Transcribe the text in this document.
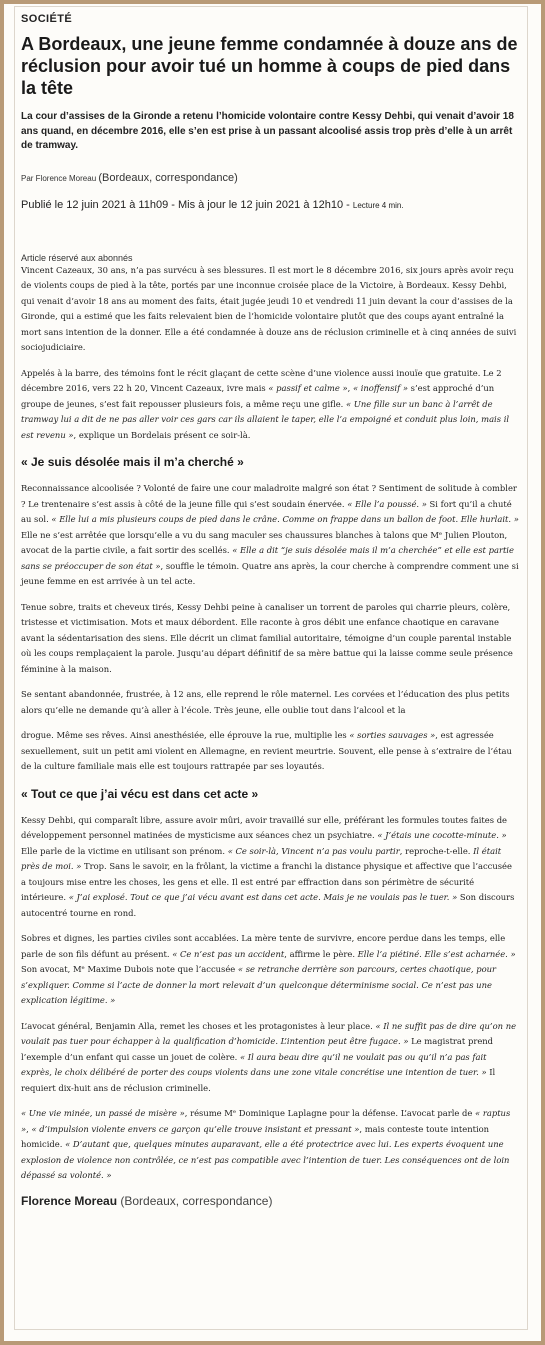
SOCIÉTÉ
A Bordeaux, une jeune femme condamnée à douze ans de réclusion pour avoir tué un homme à coups de pied dans la tête

La cour d’assises de la Gironde a retenu l’homicide volontaire contre Kessy Dehbi, qui venait d’avoir 18 ans quand, en décembre 2016, elle s’en est prise à un passant alcoolisé assis trop près d’elle à un arrêt de tramway.

Par Florence Moreau (Bordeaux, correspondance)
Publié le 12 juin 2021 à 11h09 - Mis à jour le 12 juin 2021 à 12h10 - Lecture 4 min.

Article réservé aux abonnés

Vincent Cazeaux, 30 ans, n’a pas survécu à ses blessures. Il est mort le 8 décembre 2016, six jours après avoir reçu de violents coups de pied à la tête, portés par une inconnue croisée place de la Victoire, à Bordeaux. Kessy Dehbi, qui venait d’avoir 18 ans au moment des faits, était jugée jeudi 10 et vendredi 11 juin devant la cour d’assises de la Gironde, qui a estimé que les faits relevaient bien de l’homicide volontaire plutôt que des coups ayant entraîné la mort sans intention de la donner. Elle a été condamnée à douze ans de réclusion criminelle et à cinq années de suivi sociojudiciaire.

Appelés à la barre, des témoins font le récit glaçant de cette scène d’une violence aussi inouïe que gratuite. Le 2 décembre 2016, vers 22 h 20, Vincent Cazeaux, ivre mais « passif et calme », « inoffensif » s’est approché d’un groupe de jeunes, s’est fait repousser plusieurs fois, a même reçu une gifle. « Une fille sur un banc à l’arrêt de tramway lui a dit de ne pas aller voir ces gars car ils allaient le taper, elle l’a empoigné et conduit plus loin, mais il est revenu », explique un Bordelais présent ce soir-là.

« Je suis désolée mais il m’a cherché »

Reconnaissance alcoolisée ? Volonté de faire une cour maladroite malgré son état ? Sentiment de solitude à combler ? Le trentenaire s’est assis à côté de la jeune fille qui s’est soudain énervée. « Elle l’a poussé. » Si fort qu’il a chuté au sol. « Elle lui a mis plusieurs coups de pied dans le crâne. Comme on frappe dans un ballon de foot. Elle hurlait. » Elle ne s’est arrêtée que lorsqu’elle a vu du sang maculer ses chaussures blanches à talons que Mᵉ Julien Plouton, avocat de la partie civile, a fait sortir des scellés. « Elle a dit “je suis désolée mais il m’a cherchée” et elle est partie sans se préoccuper de son état », souffle le témoin. Quatre ans après, la cour cherche à comprendre comment une si jeune femme en est arrivée à un tel acte.

Tenue sobre, traits et cheveux tirés, Kessy Dehbi peine à canaliser un torrent de paroles qui charrie pleurs, colère, tristesse et victimisation. Mots et maux débordent. Elle raconte à gros débit une enfance chaotique en caravane avant la sédentarisation des siens. Elle décrit un climat familial autoritaire, témoigne d’un couple parental instable où les coups remplaçaient la parole. Jusqu’au départ définitif de sa mère battue qui la laisse comme seule présence féminine à la maison.

Se sentant abandonnée, frustrée, à 12 ans, elle reprend le rôle maternel. Les corvées et l’éducation des plus petits alors qu’elle ne demande qu’à aller à l’école. Très jeune, elle oublie tout dans l’alcool et la

drogue. Même ses rêves. Ainsi anesthésiée, elle éprouve la rue, multiplie les « sorties sauvages », est agressée sexuellement, suit un petit ami violent en Allemagne, en revient meurtrie. Souvent, elle pense à s’extraire de l’étau de la culture familiale mais elle est toujours rattrapée par ses loyautés.

« Tout ce que j’ai vécu est dans cet acte »

Kessy Dehbi, qui comparaît libre, assure avoir mûri, avoir travaillé sur elle, préférant les formules toutes faites de développement personnel matinées de mysticisme aux séances chez un psychiatre. « J’étais une cocotte-minute. » Elle parle de la victime en utilisant son prénom. « Ce soir-là, Vincent n’a pas voulu partir, reproche-t-elle. Il était près de moi. » Trop. Sans le savoir, en la frôlant, la victime a franchi la distance physique et affective que l’accusée a toujours mise entre les choses, les gens et elle. Il est entré par effraction dans son périmètre de sécurité intérieure. « J’ai explosé. Tout ce que j’ai vécu avant est dans cet acte. Mais je ne voulais pas le tuer. » Son discours autocentré tourne en rond.

Sobres et dignes, les parties civiles sont accablées. La mère tente de survivre, encore perdue dans les temps, elle parle de son fils défunt au présent. « Ce n’est pas un accident, affirme le père. Elle l’a piétiné. Elle s’est acharnée. » Son avocat, Mᵉ Maxime Dubois note que l’accusée « se retranche derrière son parcours, certes chaotique, pour s’expliquer. Comme si l’acte de donner la mort relevait d’un quelconque déterminisme social. Ce n’est pas une explication légitime. »

L’avocat général, Benjamin Alla, remet les choses et les protagonistes à leur place. « Il ne suffit pas de dire qu’on ne voulait pas tuer pour échapper à la qualification d’homicide. L’intention peut être fugace. » Le magistrat prend l’exemple d’un enfant qui casse un jouet de colère. « Il aura beau dire qu’il ne voulait pas ou qu’il n’a pas fait exprès, le choix délibéré de porter des coups violents dans une zone vitale concrétise une intention de tuer. » Il requiert dix-huit ans de réclusion criminelle.

« Une vie minée, un passé de misère », résume Mᵉ Dominique Laplagne pour la défense. L’avocat parle de « raptus », « d’impulsion violente envers ce garçon qu’elle trouve insistant et pressant », mais conteste toute intention homicide. « D’autant que, quelques minutes auparavant, elle a été protectrice avec lui. Les experts évoquent une explosion de violence non contrôlée, ce n’est pas compatible avec l’intention de tuer. Les conséquences ont de loin dépassé sa volonté. »

Florence Moreau (Bordeaux, correspondance)
